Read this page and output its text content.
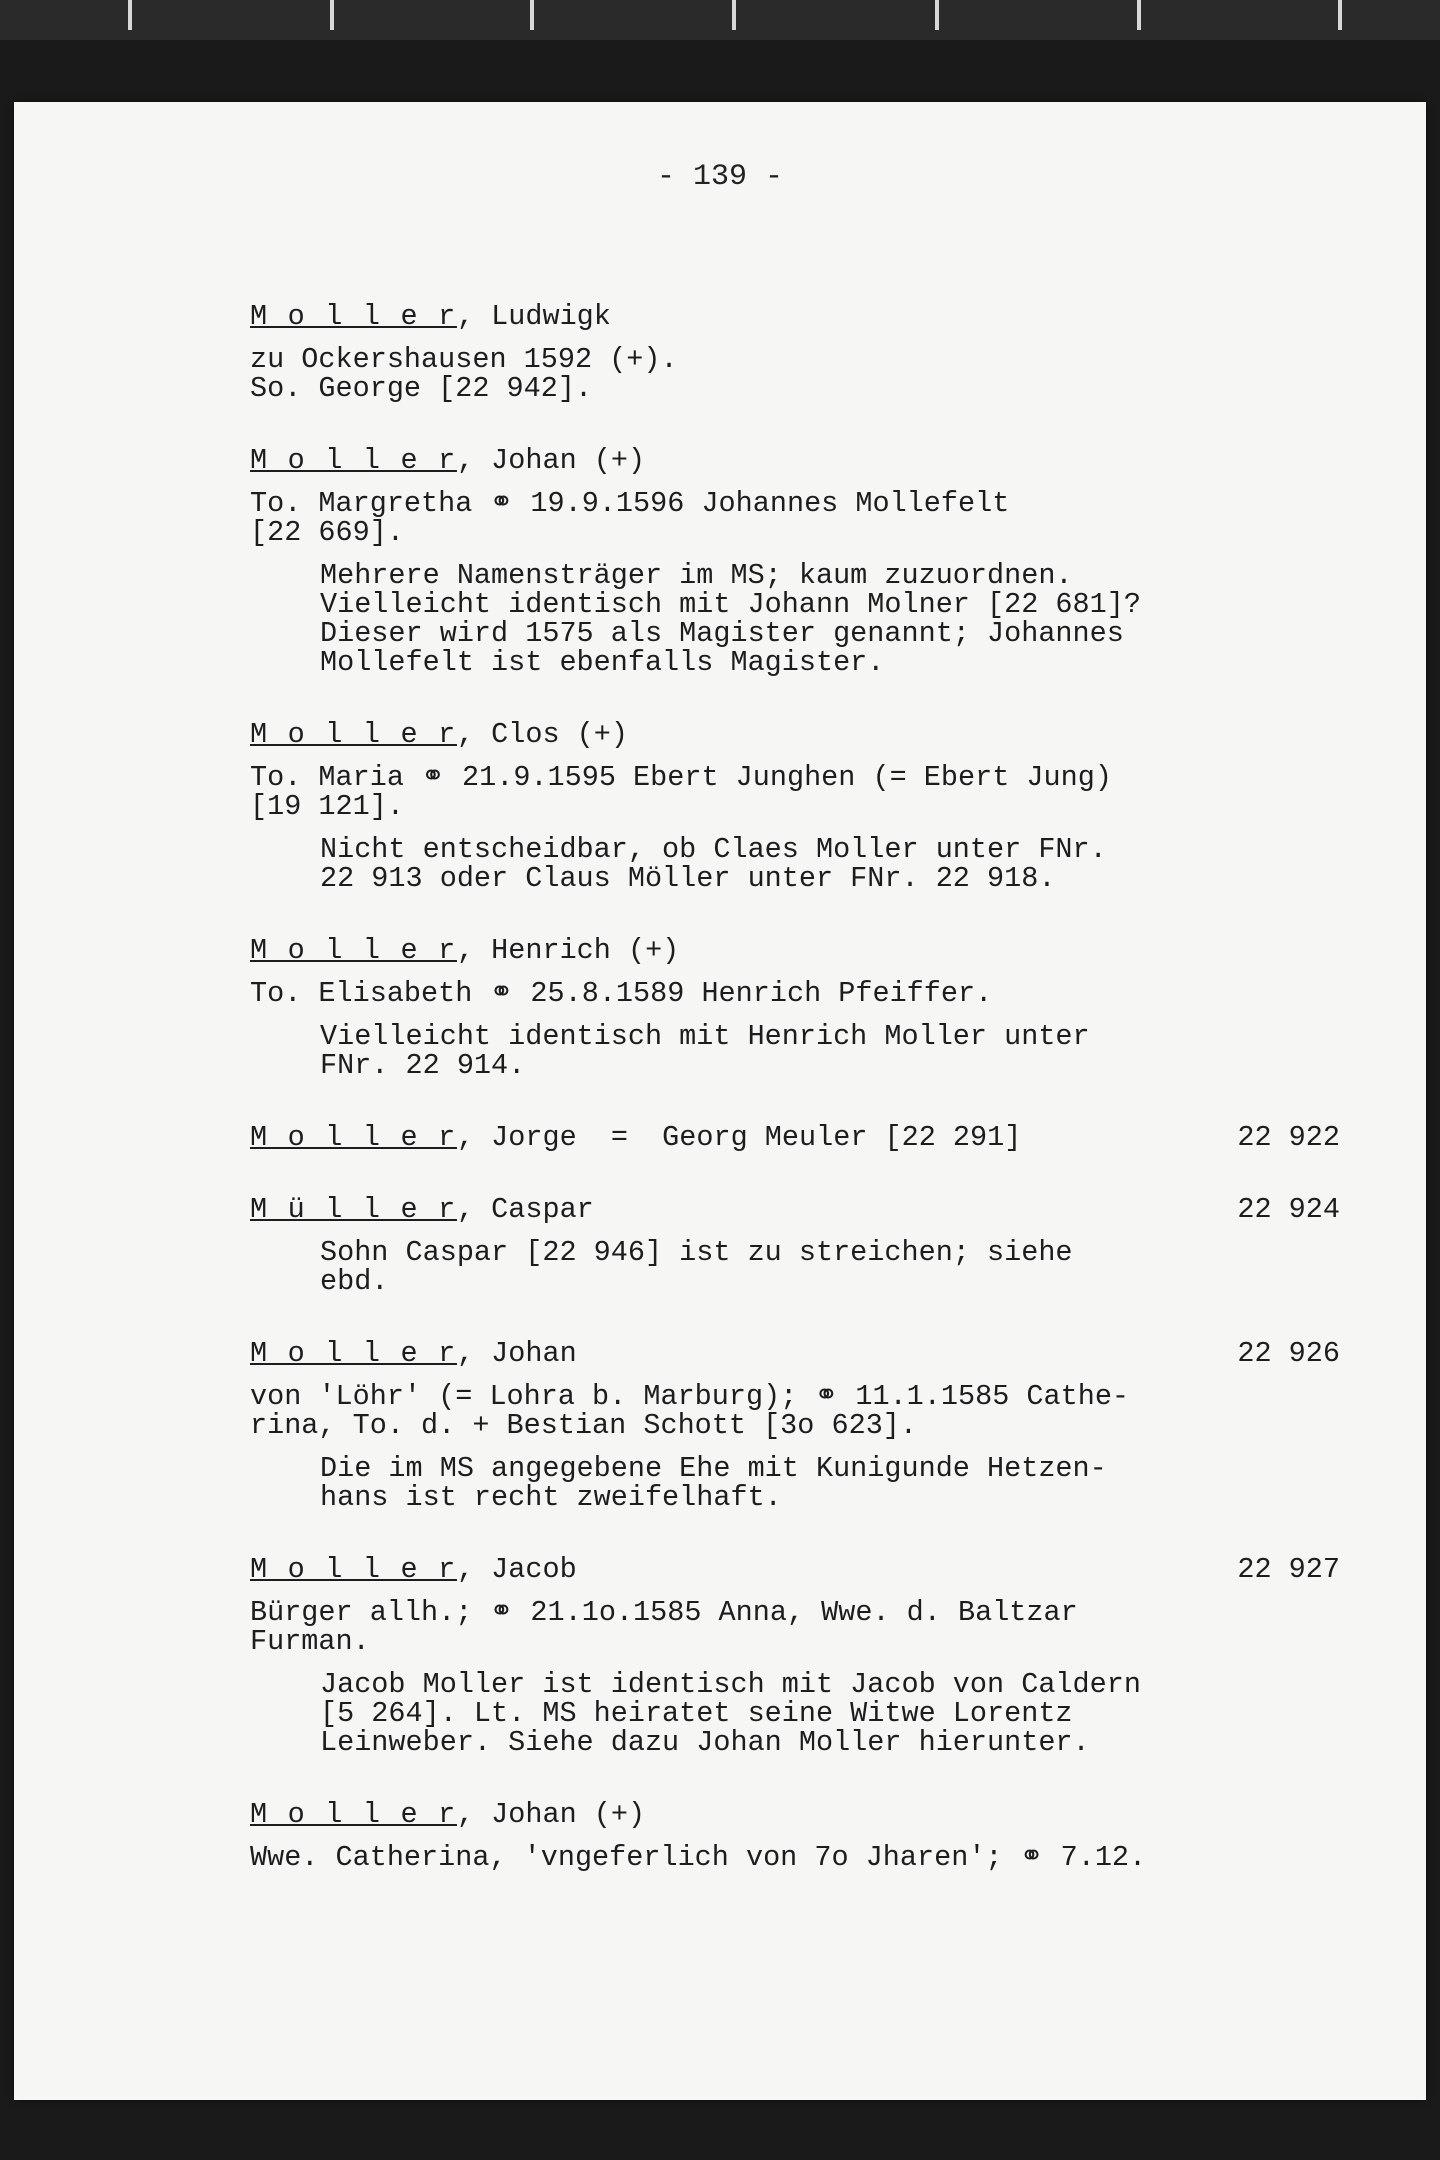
- 139 -
M o l l e r, Ludwigk
zu Ockershausen 1592 (+).
So. George [22 942].
M o l l e r, Johan (+)
To. Margretha ⚭ 19.9.1596 Johannes Mollefelt
[22 669].
Mehrere Namensträger im MS; kaum zuzuordnen.
Vielleicht identisch mit Johann Molner [22 681]?
Dieser wird 1575 als Magister genannt; Johannes
Mollefelt ist ebenfalls Magister.
M o l l e r, Clos (+)
To. Maria ⚭ 21.9.1595 Ebert Junghen (= Ebert Jung)
[19 121].
Nicht entscheidbar, ob Claes Moller unter FNr.
22 913 oder Claus Möller unter FNr. 22 918.
M o l l e r, Henrich (+)
To. Elisabeth ⚭ 25.8.1589 Henrich Pfeiffer.
Vielleicht identisch mit Henrich Moller unter
FNr. 22 914.
M o l l e r, Jorge  =  Georg Meuler [22 291]	22 922
M ü l l e r, Caspar	22 924
Sohn Caspar [22 946] ist zu streichen; siehe
ebd.
M o l l e r, Johan	22 926
von 'Löhr' (= Lohra b. Marburg); ⚭ 11.1.1585 Cathe-
rina, To. d. + Bestian Schott [3o 623].
Die im MS angegebene Ehe mit Kunigunde Hetzen-
hans ist recht zweifelhaft.
M o l l e r, Jacob	22 927
Bürger allh.; ⚭ 21.1o.1585 Anna, Wwe. d. Baltzar
Furman.
Jacob Moller ist identisch mit Jacob von Caldern
[5 264]. Lt. MS heiratet seine Witwe Lorentz
Leinweber. Siehe dazu Johan Moller hierunter.
M o l l e r, Johan (+)
Wwe. Catherina, 'vngeferlich von 7o Jharen'; ⚭ 7.12.
